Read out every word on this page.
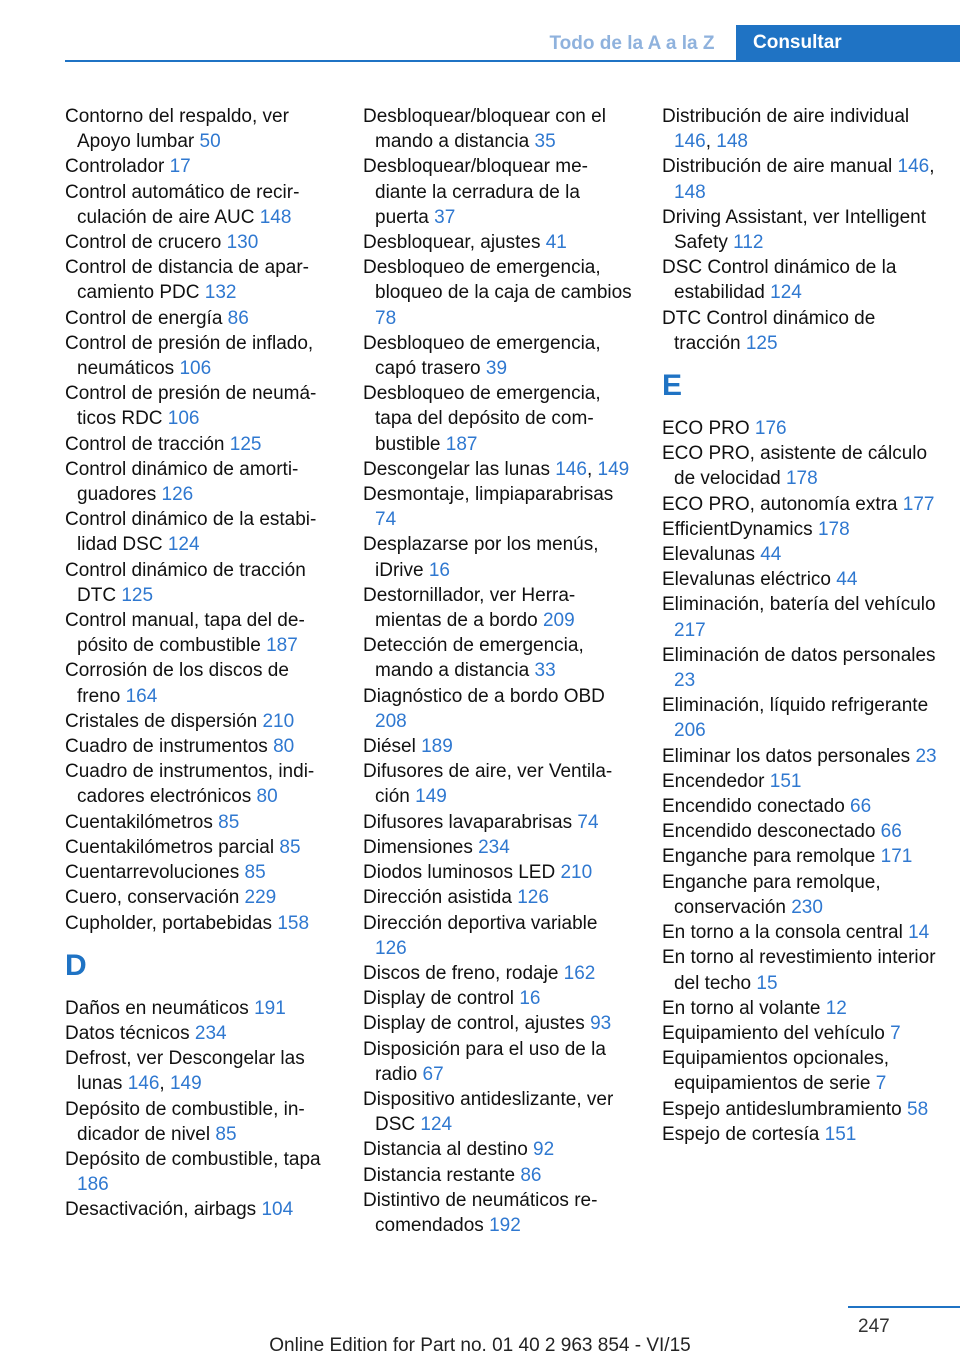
Todo de la A a la Z	Consultar
Contorno del respaldo, ver Apoyo lumbar 50
Controlador 17
Control automático de recirculación de aire AUC 148
Control de crucero 130
Control de distancia de aparcamiento PDC 132
Control de energía 86
Control de presión de inflado, neumáticos 106
Control de presión de neumáticos RDC 106
Control de tracción 125
Control dinámico de amortiguadores 126
Control dinámico de la estabilidad DSC 124
Control dinámico de tracción DTC 125
Control manual, tapa del depósito de combustible 187
Corrosión de los discos de freno 164
Cristales de dispersión 210
Cuadro de instrumentos 80
Cuadro de instrumentos, indicadores electrónicos 80
Cuentakilómetros 85
Cuentakilómetros parcial 85
Cuentarrevoluciones 85
Cuero, conservación 229
Cupholder, portabebidas 158
D
Daños en neumáticos 191
Datos técnicos 234
Defrost, ver Descongelar las lunas 146, 149
Depósito de combustible, indicador de nivel 85
Depósito de combustible, tapa 186
Desactivación, airbags 104
Desbloquear/bloquear con el mando a distancia 35
Desbloquear/bloquear mediante la cerradura de la puerta 37
Desbloquear, ajustes 41
Desbloqueo de emergencia, bloqueo de la caja de cambios 78
Desbloqueo de emergencia, capó trasero 39
Desbloqueo de emergencia, tapa del depósito de combustible 187
Descongelar las lunas 146, 149
Desmontaje, limpiaparabrisas 74
Desplazarse por los menús, iDrive 16
Destornillador, ver Herramientas de a bordo 209
Detección de emergencia, mando a distancia 33
Diagnóstico de a bordo OBD 208
Diésel 189
Difusores de aire, ver Ventilación 149
Difusores lavaparabrisas 74
Dimensiones 234
Diodos luminosos LED 210
Dirección asistida 126
Dirección deportiva variable 126
Discos de freno, rodaje 162
Display de control 16
Display de control, ajustes 93
Disposición para el uso de la radio 67
Dispositivo antideslizante, ver DSC 124
Distancia al destino 92
Distancia restante 86
Distintivo de neumáticos recomendados 192
Distribución de aire individual 146, 148
Distribución de aire manual 146, 148
Driving Assistant, ver Intelligent Safety 112
DSC Control dinámico de la estabilidad 124
DTC Control dinámico de tracción 125
E
ECO PRO 176
ECO PRO, asistente de cálculo de velocidad 178
ECO PRO, autonomía extra 177
EfficientDynamics 178
Elevalunas 44
Elevalunas eléctrico 44
Eliminación, batería del vehículo 217
Eliminación de datos personales 23
Eliminación, líquido refrigerante 206
Eliminar los datos personales 23
Encendedor 151
Encendido conectado 66
Encendido desconectado 66
Enganche para remolque 171
Enganche para remolque, conservación 230
En torno a la consola central 14
En torno al revestimiento interior del techo 15
En torno al volante 12
Equipamiento del vehículo 7
Equipamientos opcionales, equipamientos de serie 7
Espejo antideslumbramiento 58
Espejo de cortesía 151
247
Online Edition for Part no. 01 40 2 963 854 - VI/15
